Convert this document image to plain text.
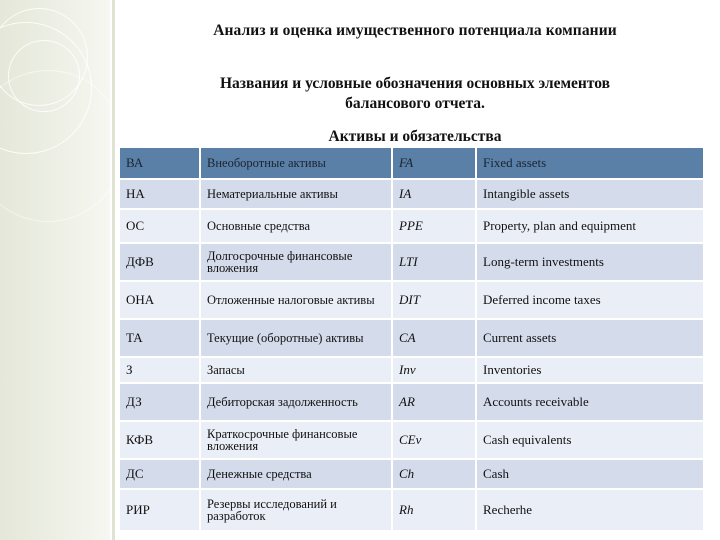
Анализ и оценка имущественного потенциала компании
Названия и условные обозначения основных элементов
балансового отчета.
Активы и обязательства
ВА	Внеоборотные активы	FA	Fixed assets
НА	Нематериальные активы	IA	Intangible assets
ОС	Основные средства	PPE	Property, plan and equipment
ДФВ	Долгосрочные финансовые вложения	LTI	Long-term investments
ОНА	Отложенные налоговые активы	DIT	Deferred income taxes
ТА	Текущие (оборотные) активы	CA	Current assets
З	Запасы	Inv	Inventories
ДЗ	Дебиторская задолженность	AR	Accounts receivable
КФВ	Краткосрочные финансовые вложения	CEv	Cash equivalents
ДС	Денежные средства	Ch	Cash
РИР	Резервы исследований и разработок	Rh	Recherhe
